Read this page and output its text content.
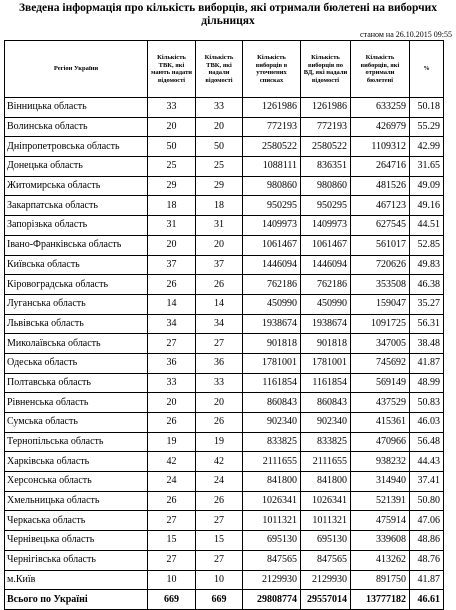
Зведена інформація про кількість виборців, які отримали бюлетені на виборчих дільницях
станом на 26.10.2015 09:55
Регіон України	Кількість ТВК, які мають надати відомості	Кількість ТВК, які надали відомості	Кількість виборців в уточнених списках	Кількість виборців по ВД, які надали відомості	Кількість виборців, які отримали бюлетені	%
Вінницька область	33	33	1261986	1261986	633259	50.18
Волинська область	20	20	772193	772193	426979	55.29
Дніпропетровська область	50	50	2580522	2580522	1109312	42.99
Донецька область	25	25	1088111	836351	264716	31.65
Житомирська область	29	29	980860	980860	481526	49.09
Закарпатська область	18	18	950295	950295	467123	49.16
Запорізька область	31	31	1409973	1409973	627545	44.51
Івано-Франківська область	20	20	1061467	1061467	561017	52.85
Київська область	37	37	1446094	1446094	720626	49.83
Кіровоградська область	26	26	762186	762186	353508	46.38
Луганська область	14	14	450990	450990	159047	35.27
Львівська область	34	34	1938674	1938674	1091725	56.31
Миколаївська область	27	27	901818	901818	347005	38.48
Одеська область	36	36	1781001	1781001	745692	41.87
Полтавська область	33	33	1161854	1161854	569149	48.99
Рівненська область	20	20	860843	860843	437529	50.83
Сумська область	26	26	902340	902340	415361	46.03
Тернопільська область	19	19	833825	833825	470966	56.48
Харківська область	42	42	2111655	2111655	938232	44.43
Херсонська область	24	24	841800	841800	314940	37.41
Хмельницька область	26	26	1026341	1026341	521391	50.80
Черкаська область	27	27	1011321	1011321	475914	47.06
Чернівецька область	15	15	695130	695130	339608	48.86
Чернігівська область	27	27	847565	847565	413262	48.76
м.Київ	10	10	2129930	2129930	891750	41.87
Всього по Україні	669	669	29808774	29557014	13777182	46.61
